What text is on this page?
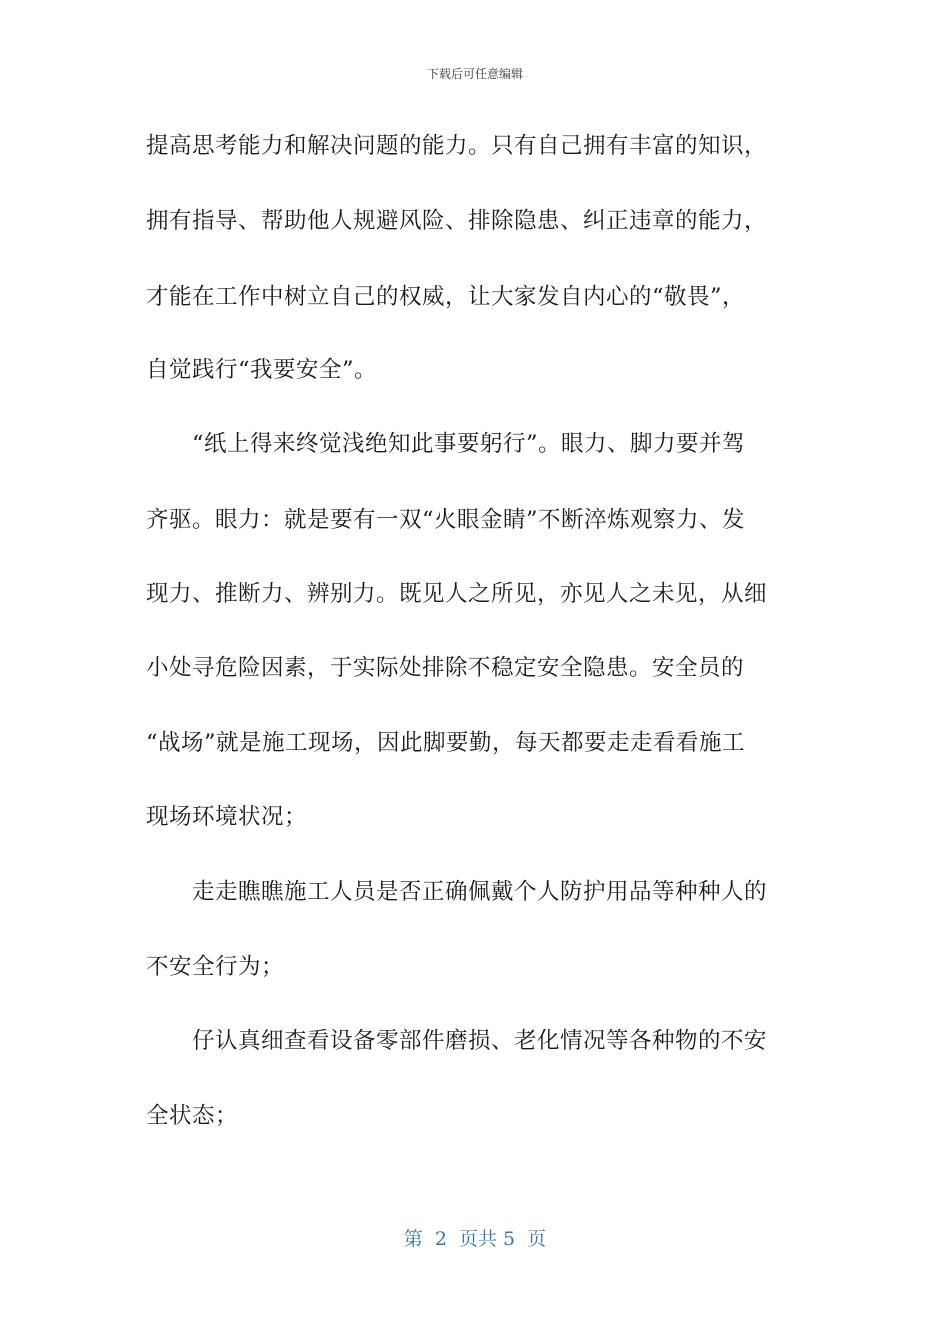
下载后可任意编辑
提高思考能力和解决问题的能力。只有自己拥有丰富的知识，
拥有指导、帮助他人规避风险、排除隐患、纠正违章的能力，
才能在工作中树立自己的权威，让大家发自内心的“敬畏”，
自觉践行“我要安全”。
　　“纸上得来终觉浅绝知此事要躬行”。眼力、脚力要并驾
齐驱。眼力：就是要有一双“火眼金睛”不断淬炼观察力、发
现力、推断力、辨别力。既见人之所见，亦见人之未见，从细
小处寻危险因素，于实际处排除不稳定安全隐患。安全员的
“战场”就是施工现场，因此脚要勤，每天都要走走看看施工
现场环境状况；
　　走走瞧瞧施工人员是否正确佩戴个人防护用品等种种人的
不安全行为；
　　仔认真细查看设备零部件磨损、老化情况等各种物的不安
全状态；
第  2  页共 5  页
